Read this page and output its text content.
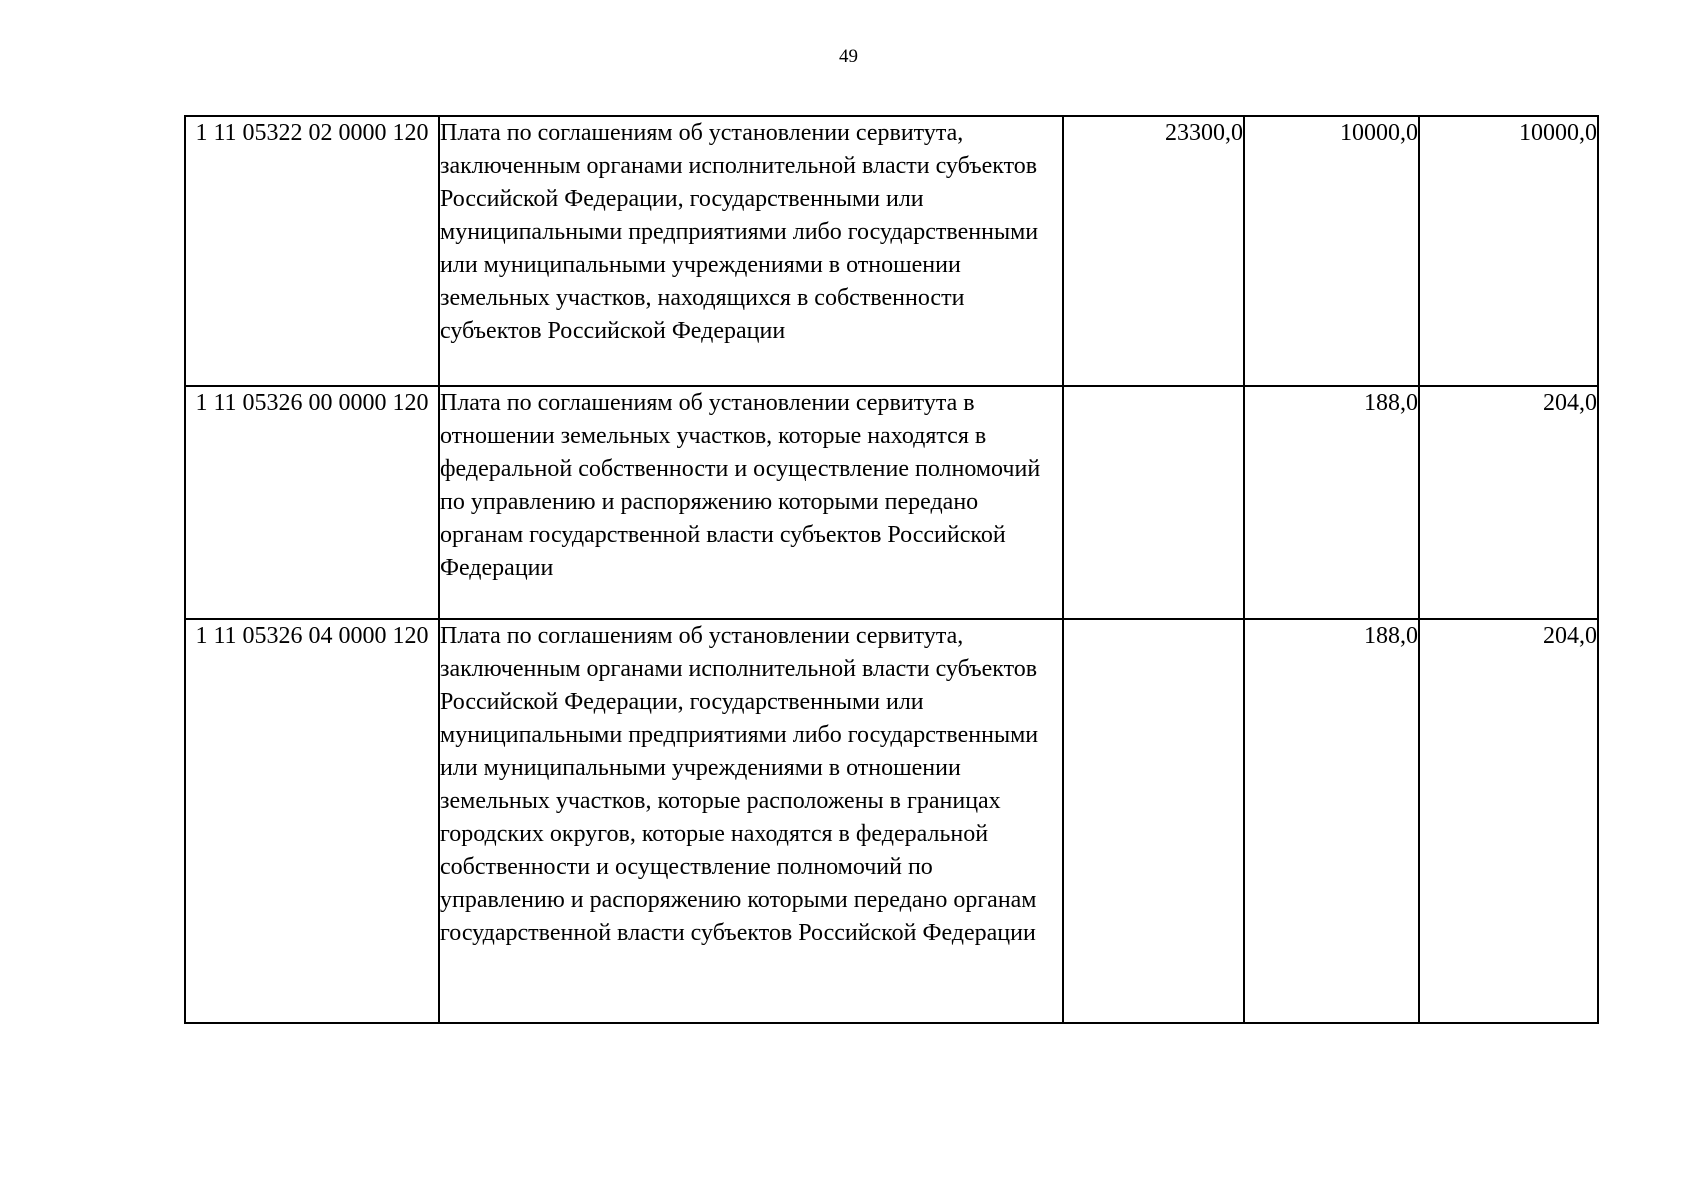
49
1 11 05322 02 0000 120	Плата по соглашениям об установлении сервитута, заключенным органами исполнительной власти субъектов Российской Федерации, государственными или муниципальными предприятиями либо государственными или муниципальными учреждениями в отношении земельных участков, находящихся в собственности субъектов Российской Федерации	23300,0	10000,0	10000,0
1 11 05326 00 0000 120	Плата по соглашениям об установлении сервитута в отношении земельных участков, которые находятся в федеральной собственности и осуществление полномочий по управлению и распоряжению которыми передано органам государственной власти субъектов Российской Федерации		188,0	204,0
1 11 05326 04 0000 120	Плата по соглашениям об установлении сервитута, заключенным органами исполнительной власти субъектов Российской Федерации, государственными или муниципальными предприятиями либо государственными или муниципальными учреждениями в отношении земельных участков, которые расположены в границах городских округов, которые находятся в федеральной собственности и осуществление полномочий по управлению и распоряжению которыми передано органам государственной власти субъектов Российской Федерации		188,0	204,0
